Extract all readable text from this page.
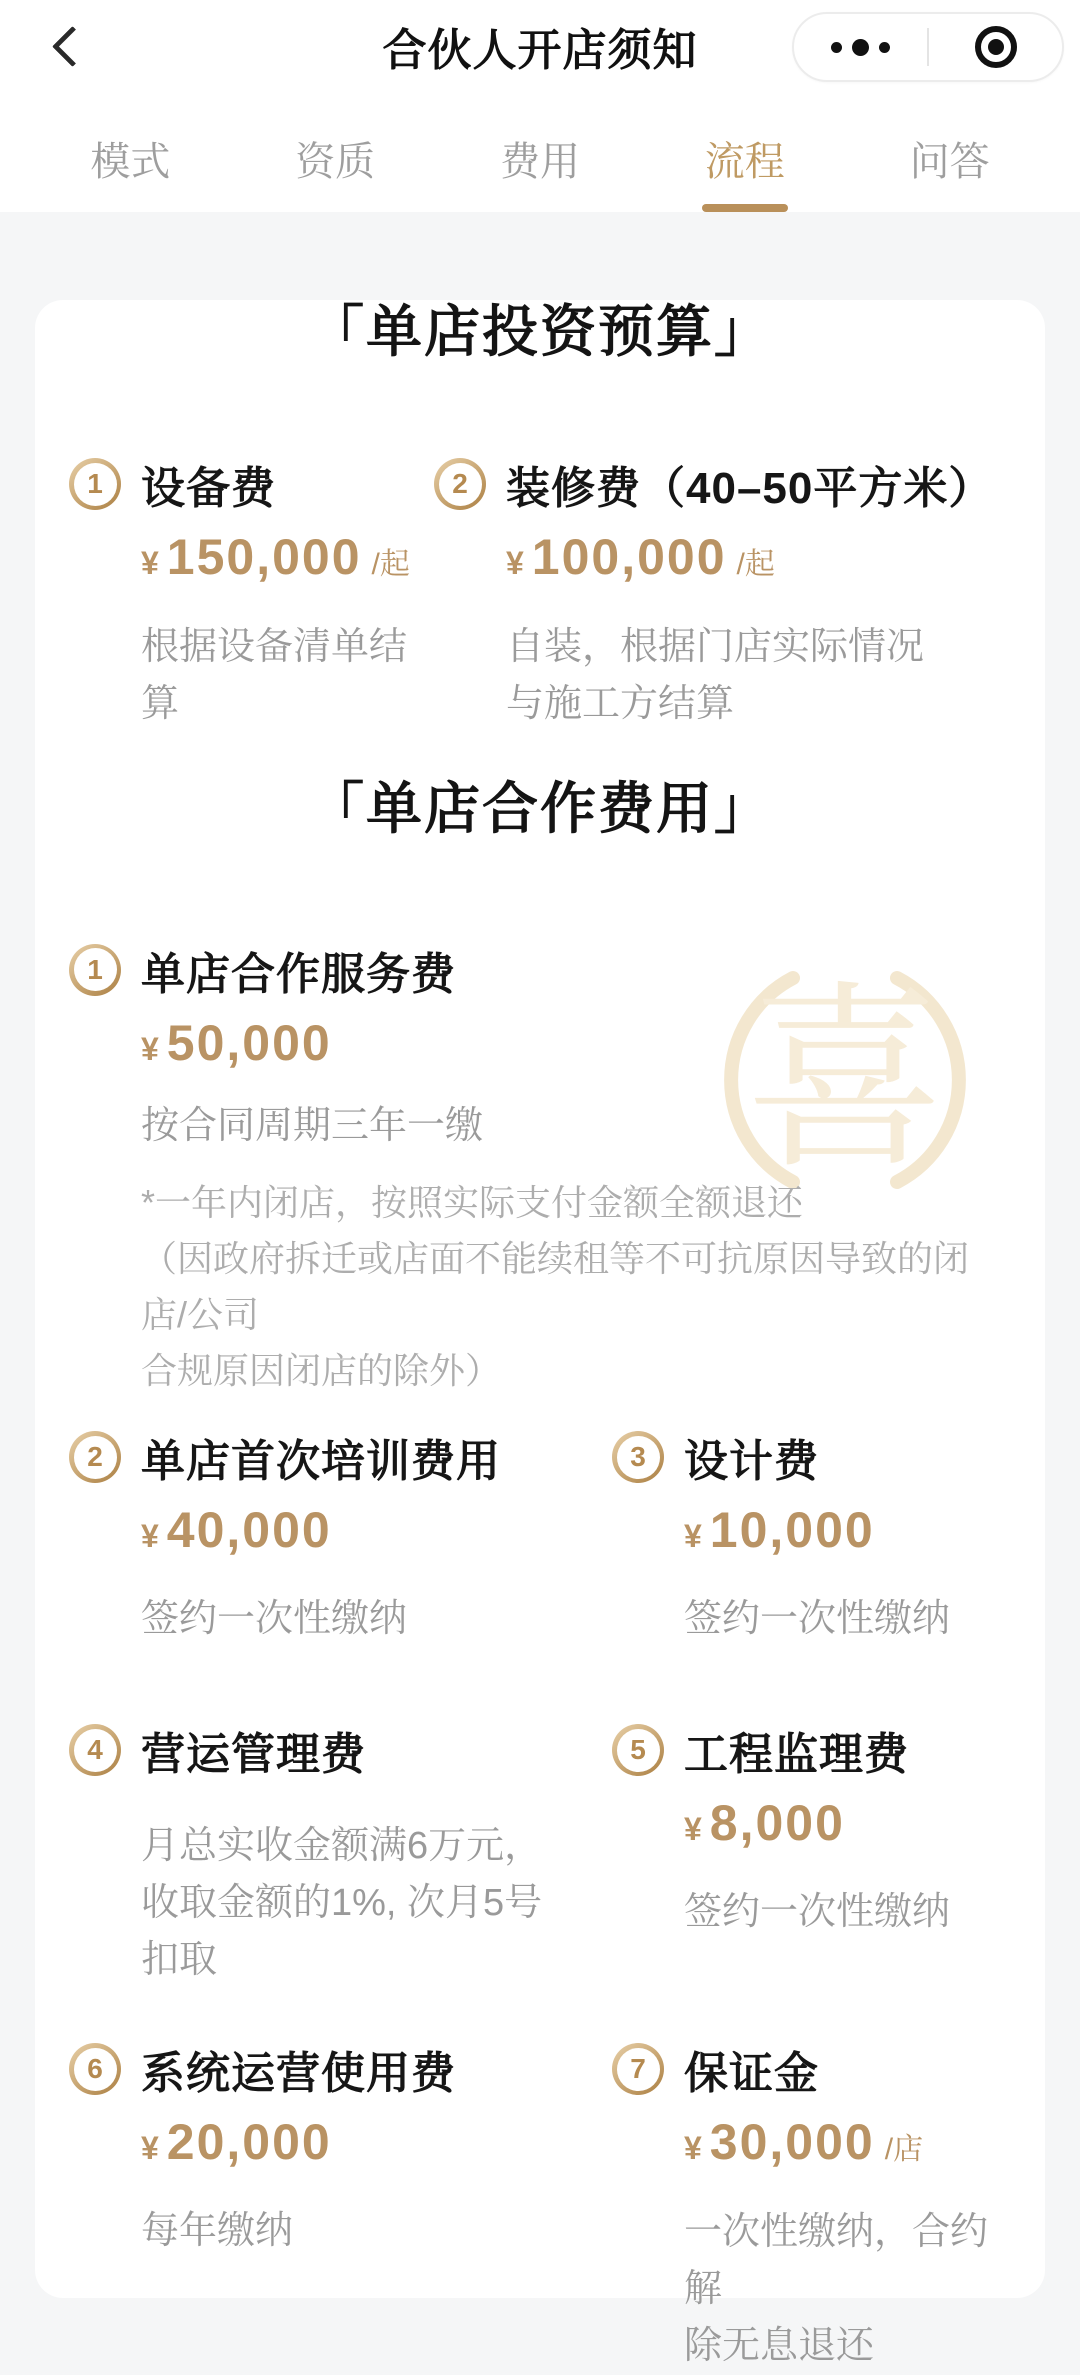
合伙人开店须知
模式	资质	费用	流程	问答
喜
「单店投资预算」
1 设备费
¥ 150,000 /起
根据设备清单结算
2 装修费（40–50平方米）
¥ 100,000 /起
自装，根据门店实际情况
与施工方结算
「单店合作费用」
1 单店合作服务费
¥ 50,000
按合同周期三年一缴

*一年内闭店，按照实际支付金额全额退还

（因政府拆迁或店面不能续租等不可抗原因导致的闭店/公司

合规原因闭店的除外）

2 单店首次培训费用
¥ 40,000
签约一次性缴纳
3 设计费
¥ 10,000
签约一次性缴纳
4 营运管理费
月总实收金额满6万元，
收取金额的1%, 次月5号
扣取
5 工程监理费
¥ 8,000
签约一次性缴纳
6 系统运营使用费
¥ 20,000
每年缴纳
7 保证金
¥ 30,000 /店
一次性缴纳，合约解
除无息退还
